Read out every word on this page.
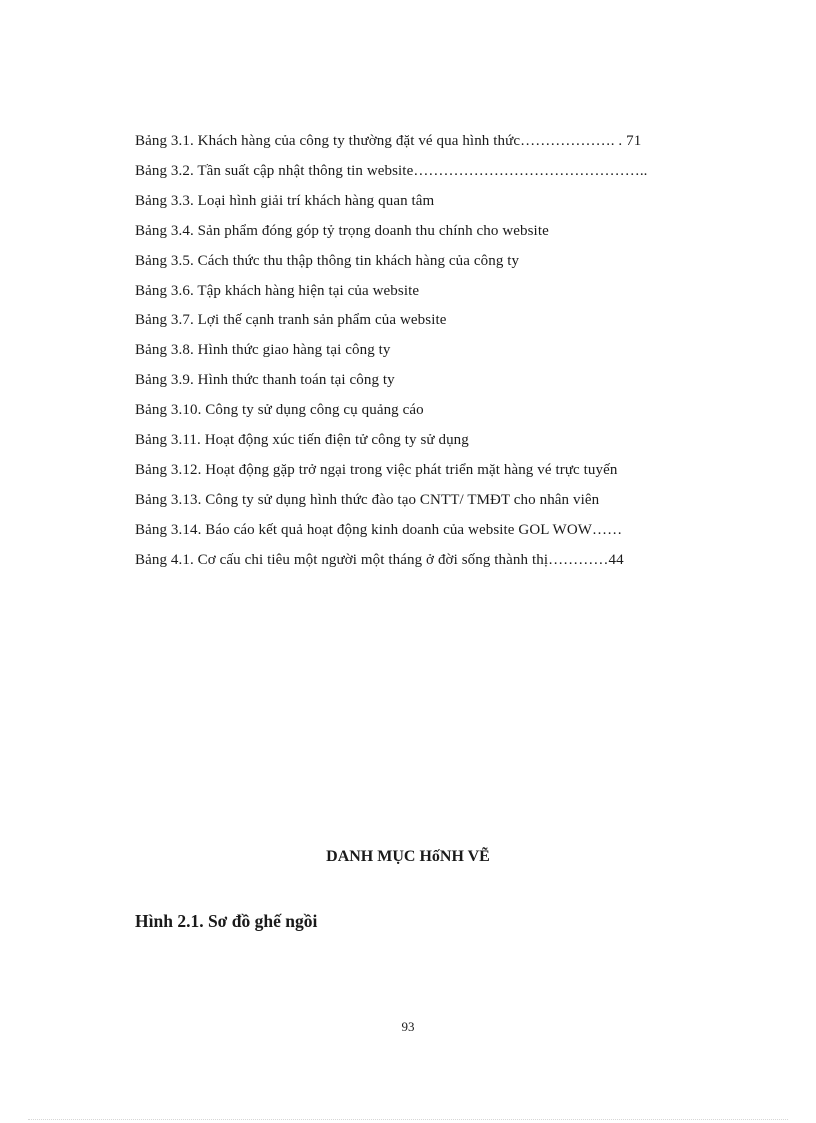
Bảng 3.1. Khách hàng của công ty thường đặt vé qua hình thức………………. . 71
Bảng 3.2. Tần suất cập nhật thông tin website………………………………………..
Bảng 3.3. Loại hình giải trí khách hàng quan tâm
Bảng 3.4. Sản phẩm đóng góp tỷ trọng doanh thu chính cho website
Bảng 3.5. Cách thức thu thập thông tin khách hàng của công ty
Bảng 3.6. Tập khách hàng hiện tại của website
Bảng 3.7. Lợi thế cạnh tranh sản phẩm của website
Bảng 3.8. Hình thức giao hàng tại công ty
Bảng 3.9. Hình thức thanh toán tại công ty
Bảng 3.10. Công ty sử dụng công cụ quảng cáo
Bảng 3.11. Hoạt động xúc tiến điện tử công ty sử dụng
Bảng 3.12. Hoạt động gặp trở ngại trong việc phát triển mặt hàng vé trực tuyến
Bảng 3.13. Công ty sử dụng hình thức đào tạo CNTT/ TMĐT cho nhân viên
Bảng 3.14. Báo cáo kết quả hoạt động kinh doanh của website GOL WOW……
Bảng 4.1. Cơ cấu chi tiêu một người một tháng ở đời sống thành thị…………44
DANH MỤC HốNH VẼ

Hình 2.1. Sơ đồ ghế ngồi

93
